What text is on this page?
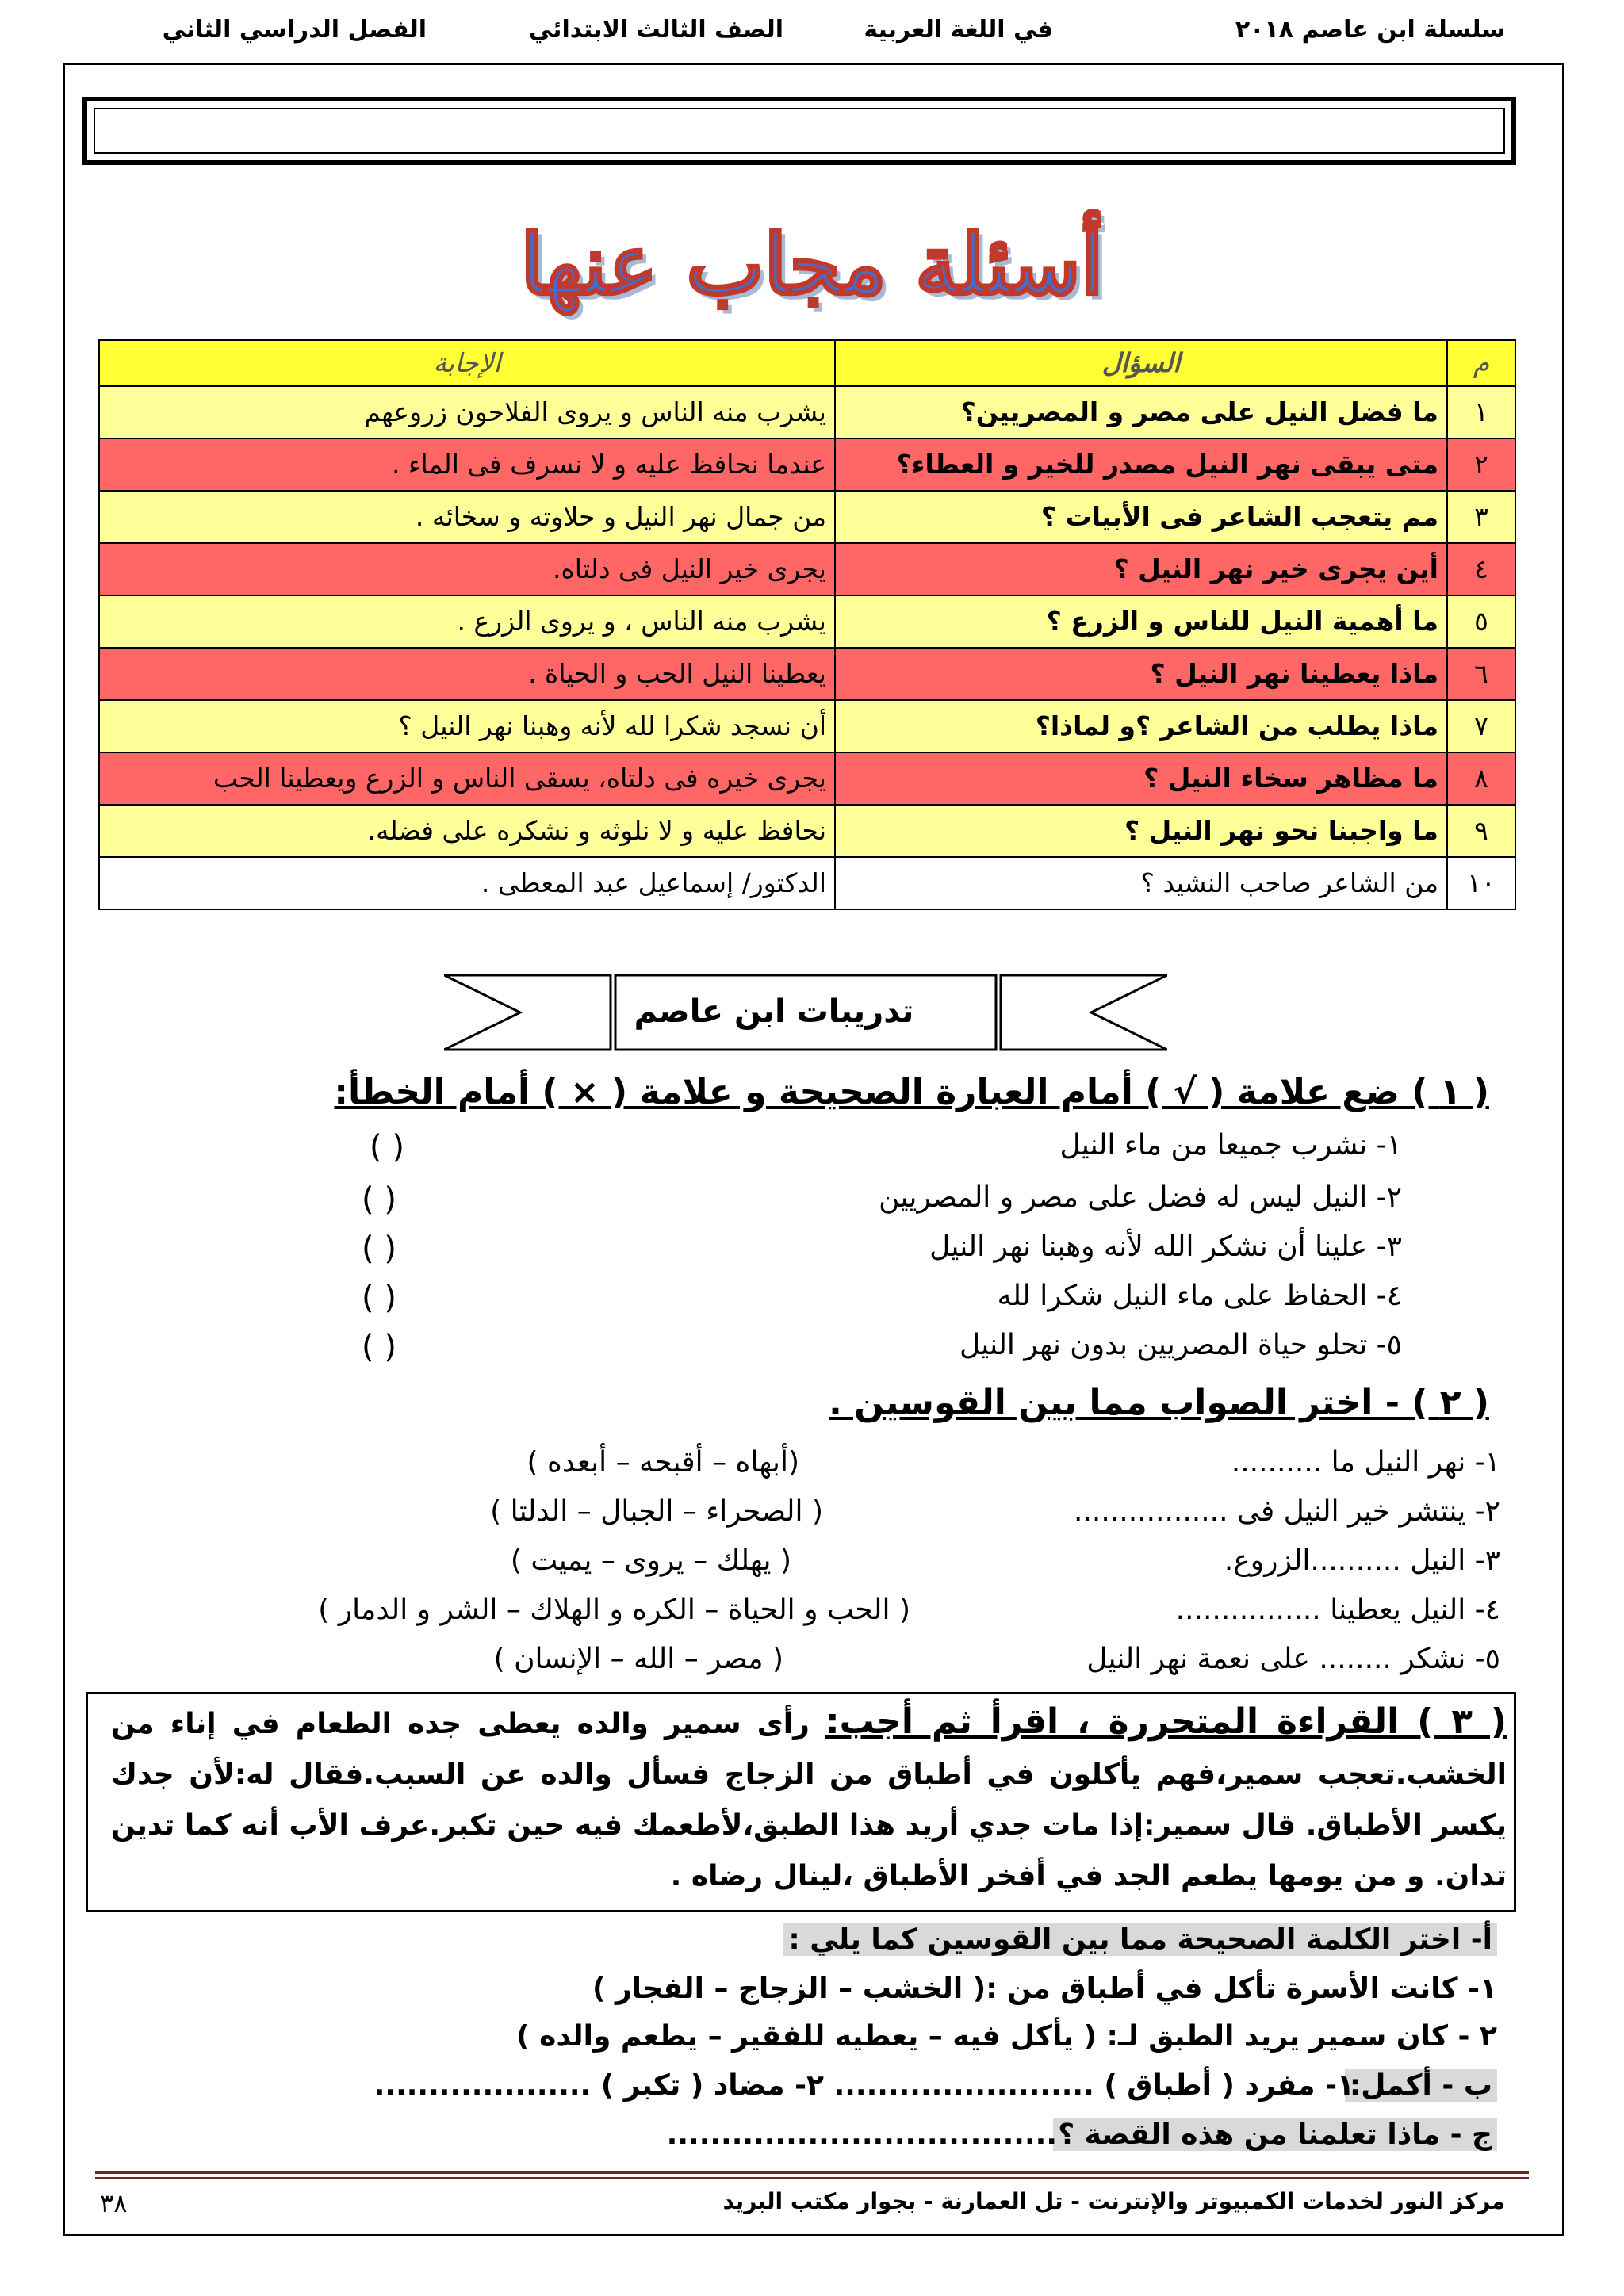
سلسلة ابن عاصم ٢٠١٨
في اللغة العربية
الصف الثالث الابتدائي
الفصل الدراسي الثاني
أسئلة مجاب عنها
م	السؤال	الإجابة
١	ما فضل النيل على مصر و المصريين؟	يشرب منه الناس و يروى الفلاحون زروعهم
٢	متى يبقى نهر النيل مصدر للخير و العطاء؟	عندما نحافظ عليه و لا نسرف فى الماء .
٣	مم يتعجب الشاعر فى الأبيات ؟	من جمال نهر النيل و حلاوته و سخائه .
٤	أين يجرى خير نهر النيل ؟	يجرى خير النيل فى دلتاه.
٥	ما أهمية النيل للناس و الزرع ؟	يشرب منه الناس ، و يروى الزرع .
٦	ماذا يعطينا نهر النيل ؟	يعطينا النيل الحب و الحياة .
٧	ماذا يطلب من الشاعر ؟و لماذا؟	أن نسجد شكرا لله لأنه وهبنا نهر النيل ؟
٨	ما مظاهر سخاء النيل ؟	يجرى خيره فى دلتاه، يسقى الناس و الزرع ويعطينا الحب
٩	ما واجبنا نحو نهر النيل ؟	نحافظ عليه و لا نلوثه و نشكره على فضله.
١٠	من الشاعر صاحب النشيد ؟	الدكتور/ إسماعيل عبد المعطى .
تدريبات ابن عاصم
( ١ ) ضع علامة ( √ ) أمام العبارة الصحيحة و علامة ( × ) أمام الخطأ:
١- نشرب جميعا من ماء النيل
٢- النيل ليس له فضل على مصر و المصريين
٣- علينا أن نشكر الله لأنه وهبنا نهر النيل
٤- الحفاظ على ماء النيل شكرا لله
٥- تحلو حياة المصريين بدون نهر النيل
( )
( )
( )
( )
( )
( ٢ ) - اختر الصواب مما بين القوسين .
١- نهر النيل ما ..........
(أبهاه – أقبحه – أبعده )
٢- ينتشر خير النيل فى .................
( الصحراء – الجبال – الدلتا )
٣- النيل ..........الزروع.
( يهلك – يروى – يميت )
٤- النيل يعطينا ................
( الحب و الحياة – الكره و الهلاك – الشر و الدمار )
٥- نشكر ........ على نعمة نهر النيل
( مصر – الله – الإنسان )
( ٣ ) القراءة المتحررة ، اقرأ ثم أجب: رأى سمير والده يعطى جده الطعام في إناء من الخشب.تعجب سمير،فهم يأكلون في أطباق من الزجاج فسأل والده عن السبب.فقال له:لأن جدك يكسر الأطباق. قال سمير:إذا مات جدي أريد هذا الطبق،لأطعمك فيه حين تكبر.عرف الأب أنه كما تدين تدان. و من يومها يطعم الجد في أفخر الأطباق ،لينال رضاه .
أ- اختر الكلمة الصحيحة مما بين القوسين كما يلي :
١- كانت الأسرة تأكل في أطباق من :( الخشب – الزجاج – الفجار )
٢ - كان سمير يريد الطبق لـ: ( يأكل فيه – يعطيه للفقير – يطعم والده )
ب - أكمل:
١- مفرد ( أطباق ) ........................ ٢- مضاد ( تكبر ) ....................
ج - ماذا تعلمنا من هذه القصة ؟
....................................
مركز النور لخدمات الكمبيوتر والإنترنت - تل العمارنة - بجوار مكتب البريد
٣٨
